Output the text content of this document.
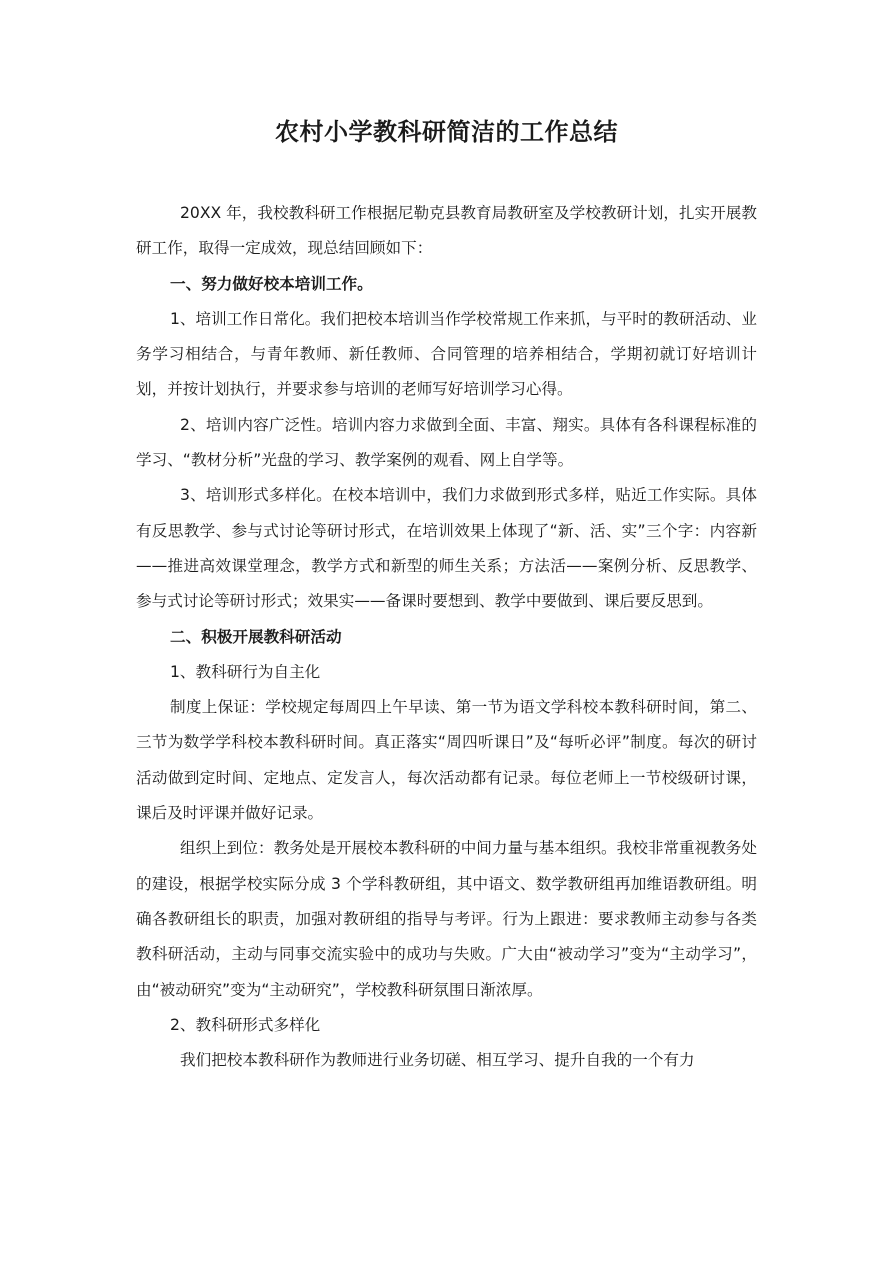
农村小学教科研简洁的工作总结

20XX 年，我校教科研工作根据尼勒克县教育局教研室及学校教研计划，扎实开展教研工作，取得一定成效，现总结回顾如下：

一、努力做好校本培训工作。

1、培训工作日常化。我们把校本培训当作学校常规工作来抓，与平时的教研活动、业务学习相结合，与青年教师、新任教师、合同管理的培养相结合，学期初就订好培训计划，并按计划执行，并要求参与培训的老师写好培训学习心得。

2、培训内容广泛性。培训内容力求做到全面、丰富、翔实。具体有各科课程标准的学习、“教材分析”光盘的学习、教学案例的观看、网上自学等。

3、培训形式多样化。在校本培训中，我们力求做到形式多样，贴近工作实际。具体有反思教学、参与式讨论等研讨形式，在培训效果上体现了“新、活、实”三个字：内容新——推进高效课堂理念，教学方式和新型的师生关系；方法活——案例分析、反思教学、参与式讨论等研讨形式；效果实——备课时要想到、教学中要做到、课后要反思到。

二、积极开展教科研活动

1、教科研行为自主化

制度上保证：学校规定每周四上午早读、第一节为语文学科校本教科研时间，第二、三节为数学学科校本教科研时间。真正落实“周四听课日”及“每听必评”制度。每次的研讨活动做到定时间、定地点、定发言人，每次活动都有记录。每位老师上一节校级研讨课，课后及时评课并做好记录。

组织上到位：教务处是开展校本教科研的中间力量与基本组织。我校非常重视教务处的建设，根据学校实际分成 3 个学科教研组，其中语文、数学教研组再加维语教研组。明确各教研组长的职责，加强对教研组的指导与考评。行为上跟进：要求教师主动参与各类教科研活动，主动与同事交流实验中的成功与失败。广大由“被动学习”变为“主动学习”，由“被动研究”变为“主动研究”，学校教科研氛围日渐浓厚。

2、教科研形式多样化

我们把校本教科研作为教师进行业务切磋、相互学习、提升自我的一个有力
